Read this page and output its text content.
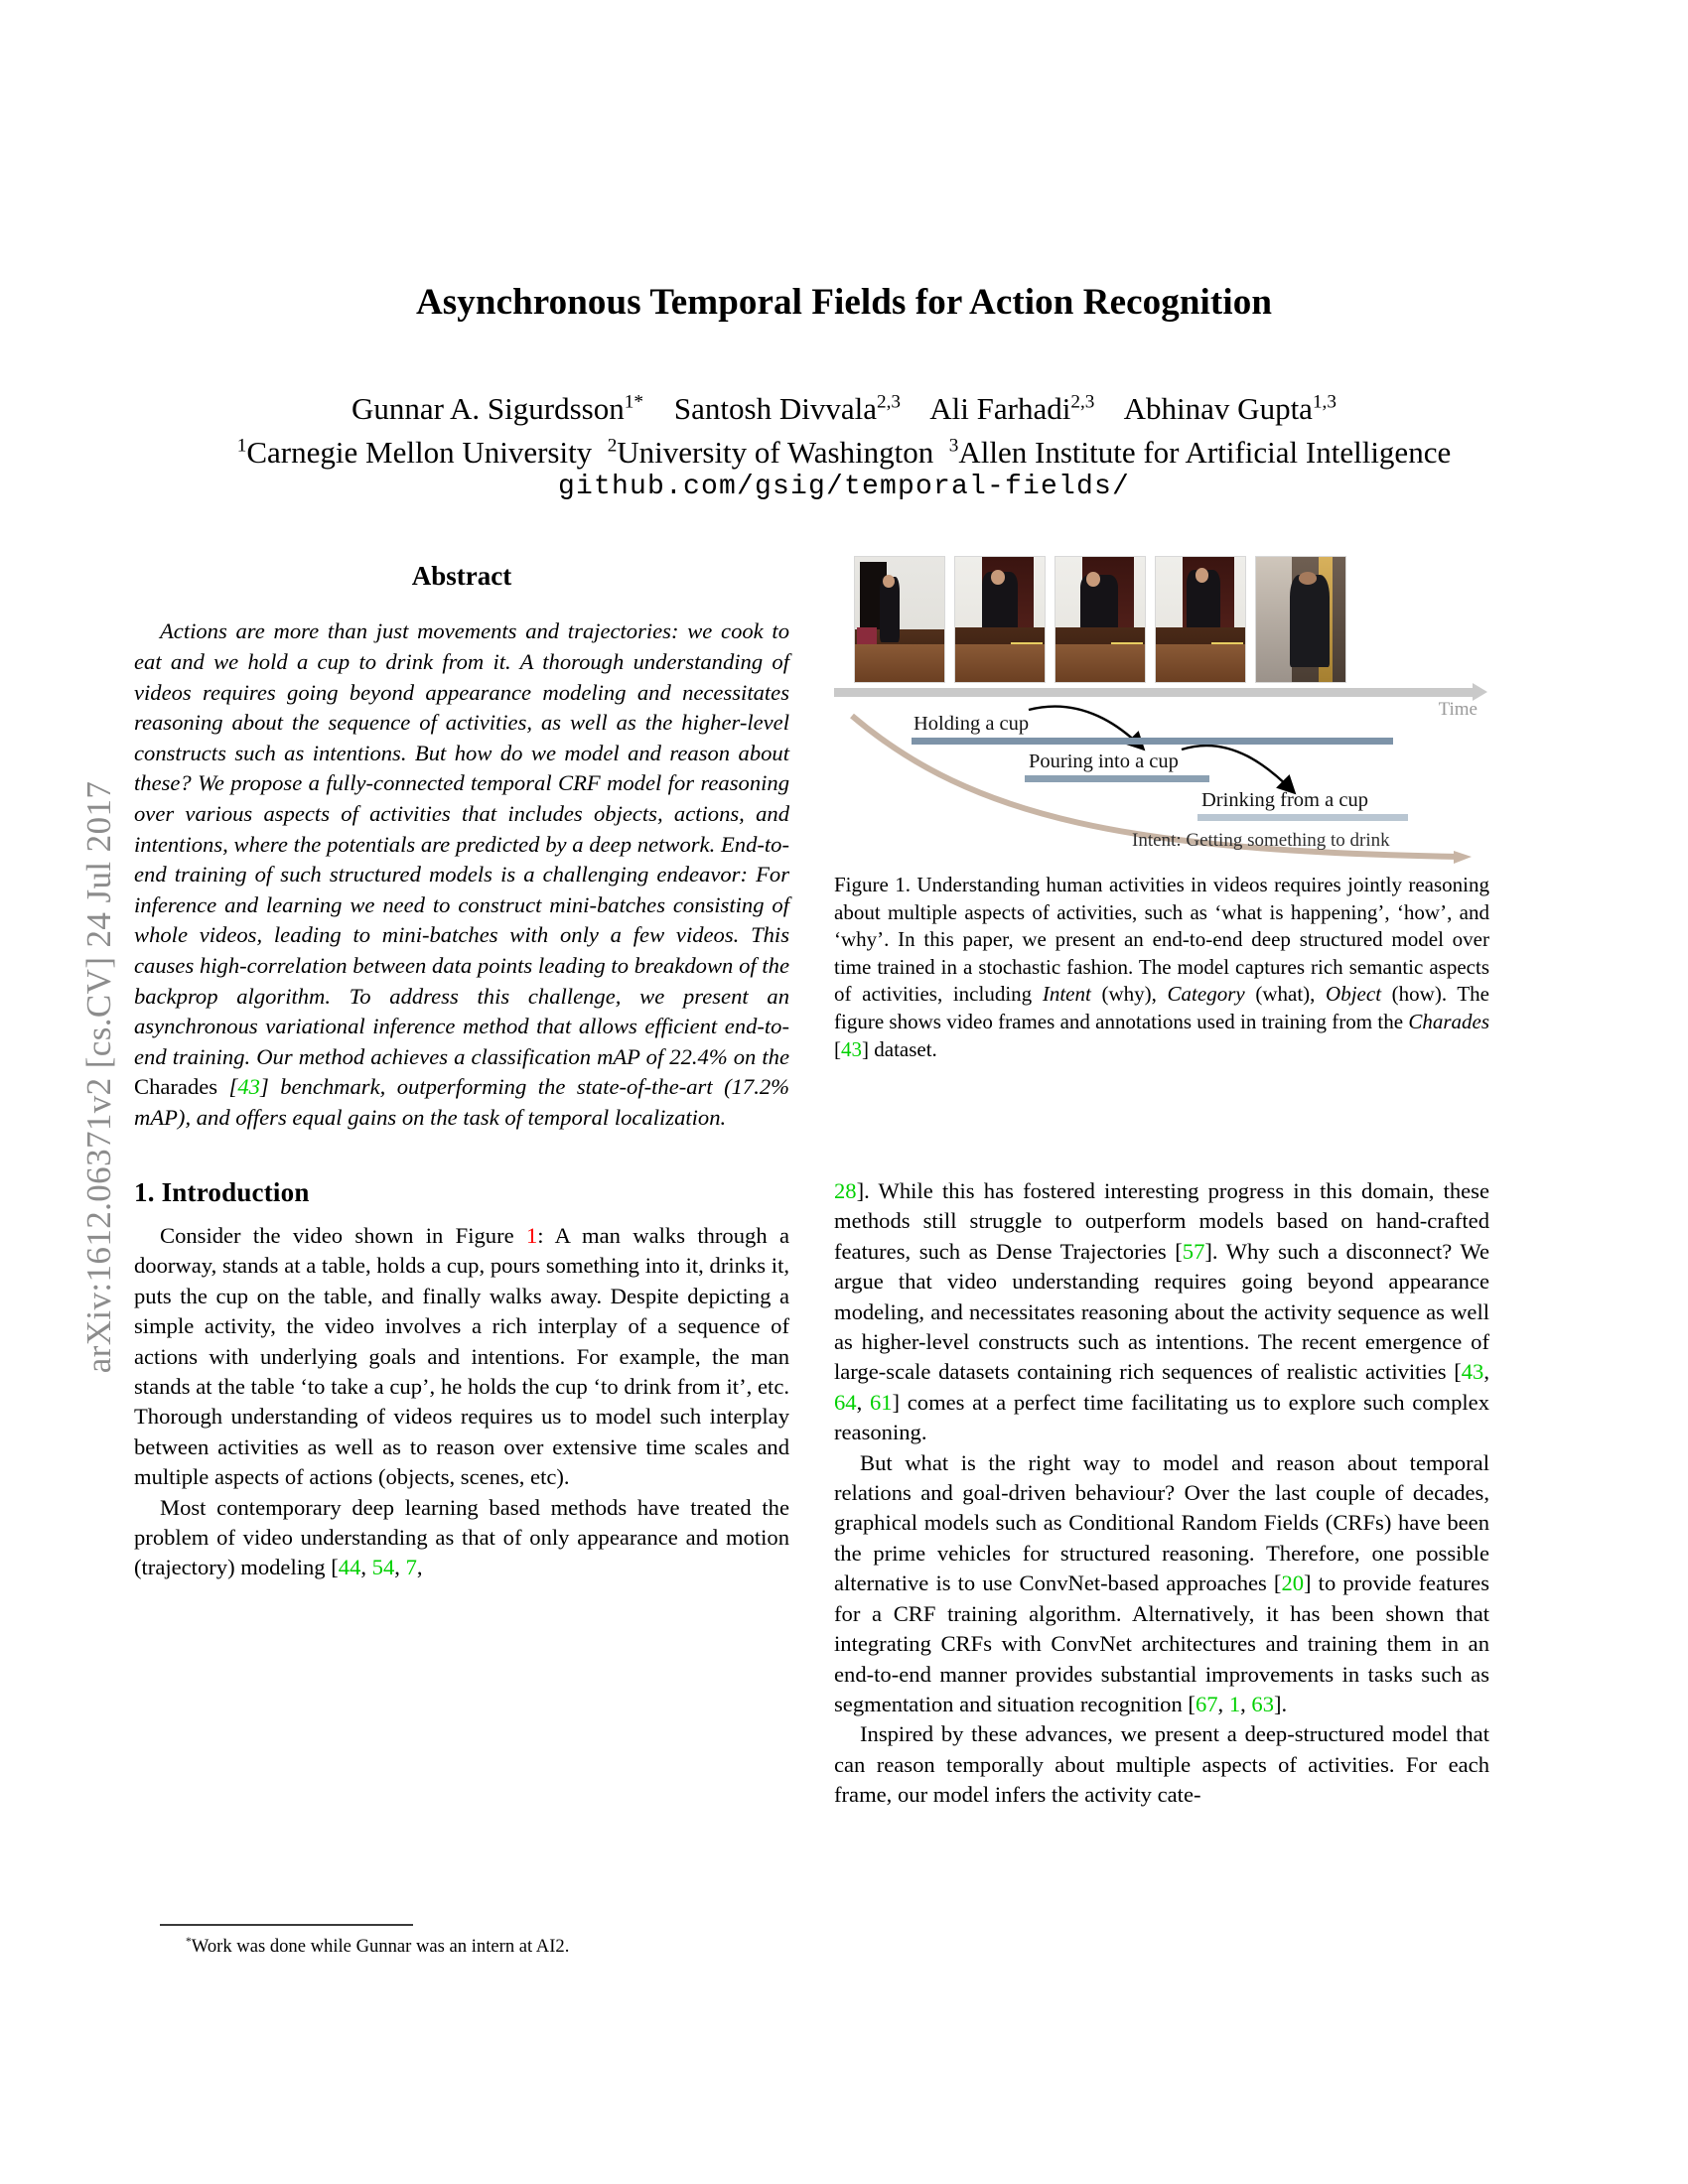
arXiv:1612.06371v2 [cs.CV] 24 Jul 2017
Asynchronous Temporal Fields for Action Recognition
Gunnar A. Sigurdsson$^{1*}$ Santosh Divvala$^{2,3}$ Ali Farhadi$^{2,3}$ Abhinav Gupta$^{1,3}$
$^1$Carnegie Mellon University $^2$University of Washington $^3$Allen Institute for Artificial Intelligence
github.com/gsig/temporal-fields/
Abstract

Actions are more than just movements and trajectories: we cook to eat and we hold a cup to drink from it. A thorough understanding of videos requires going beyond appearance modeling and necessitates reasoning about the sequence of activities, as well as the higher-level constructs such as intentions. But how do we model and reason about these? We propose a fully-connected temporal CRF model for reasoning over various aspects of activities that includes objects, actions, and intentions, where the potentials are predicted by a deep network. End-to-end training of such structured models is a challenging endeavor: For inference and learning we need to construct mini-batches consisting of whole videos, leading to mini-batches with only a few videos. This causes high-correlation between data points leading to breakdown of the backprop algorithm. To address this challenge, we present an asynchronous variational inference method that allows efficient end-to-end training. Our method achieves a classification mAP of 22.4% on the Charades [43] benchmark, outperforming the state-of-the-art (17.2% mAP), and offers equal gains on the task of temporal localization.

1. Introduction

Consider the video shown in Figure 1: A man walks through a doorway, stands at a table, holds a cup, pours something into it, drinks it, puts the cup on the table, and finally walks away. Despite depicting a simple activity, the video involves a rich interplay of a sequence of actions with underlying goals and intentions. For example, the man stands at the table ‘to take a cup’, he holds the cup ‘to drink from it’, etc. Thorough understanding of videos requires us to model such interplay between activities as well as to reason over extensive time scales and multiple aspects of actions (objects, scenes, etc).

Most contemporary deep learning based methods have treated the problem of video understanding as that of only appearance and motion (trajectory) modeling [44, 54, 7,

*Work was done while Gunnar was an intern at AI2.
Time
Holding a cup
Pouring into a cup
Drinking from a cup
Intent: Getting something to drink
Figure 1. Understanding human activities in videos requires jointly reasoning about multiple aspects of activities, such as ‘what is happening’, ‘how’, and ‘why’. In this paper, we present an end-to-end deep structured model over time trained in a stochastic fashion. The model captures rich semantic aspects of activities, including Intent (why), Category (what), Object (how). The figure shows video frames and annotations used in training from the Charades [43] dataset.

28]. While this has fostered interesting progress in this domain, these methods still struggle to outperform models based on hand-crafted features, such as Dense Trajectories [57]. Why such a disconnect? We argue that video understanding requires going beyond appearance modeling, and necessitates reasoning about the activity sequence as well as higher-level constructs such as intentions. The recent emergence of large-scale datasets containing rich sequences of realistic activities [43, 64, 61] comes at a perfect time facilitating us to explore such complex reasoning.

But what is the right way to model and reason about temporal relations and goal-driven behaviour? Over the last couple of decades, graphical models such as Conditional Random Fields (CRFs) have been the prime vehicles for structured reasoning. Therefore, one possible alternative is to use ConvNet-based approaches [20] to provide features for a CRF training algorithm. Alternatively, it has been shown that integrating CRFs with ConvNet architectures and training them in an end-to-end manner provides substantial improvements in tasks such as segmentation and situation recognition [67, 1, 63].

Inspired by these advances, we present a deep-structured model that can reason temporally about multiple aspects of activities. For each frame, our model infers the activity cate-
